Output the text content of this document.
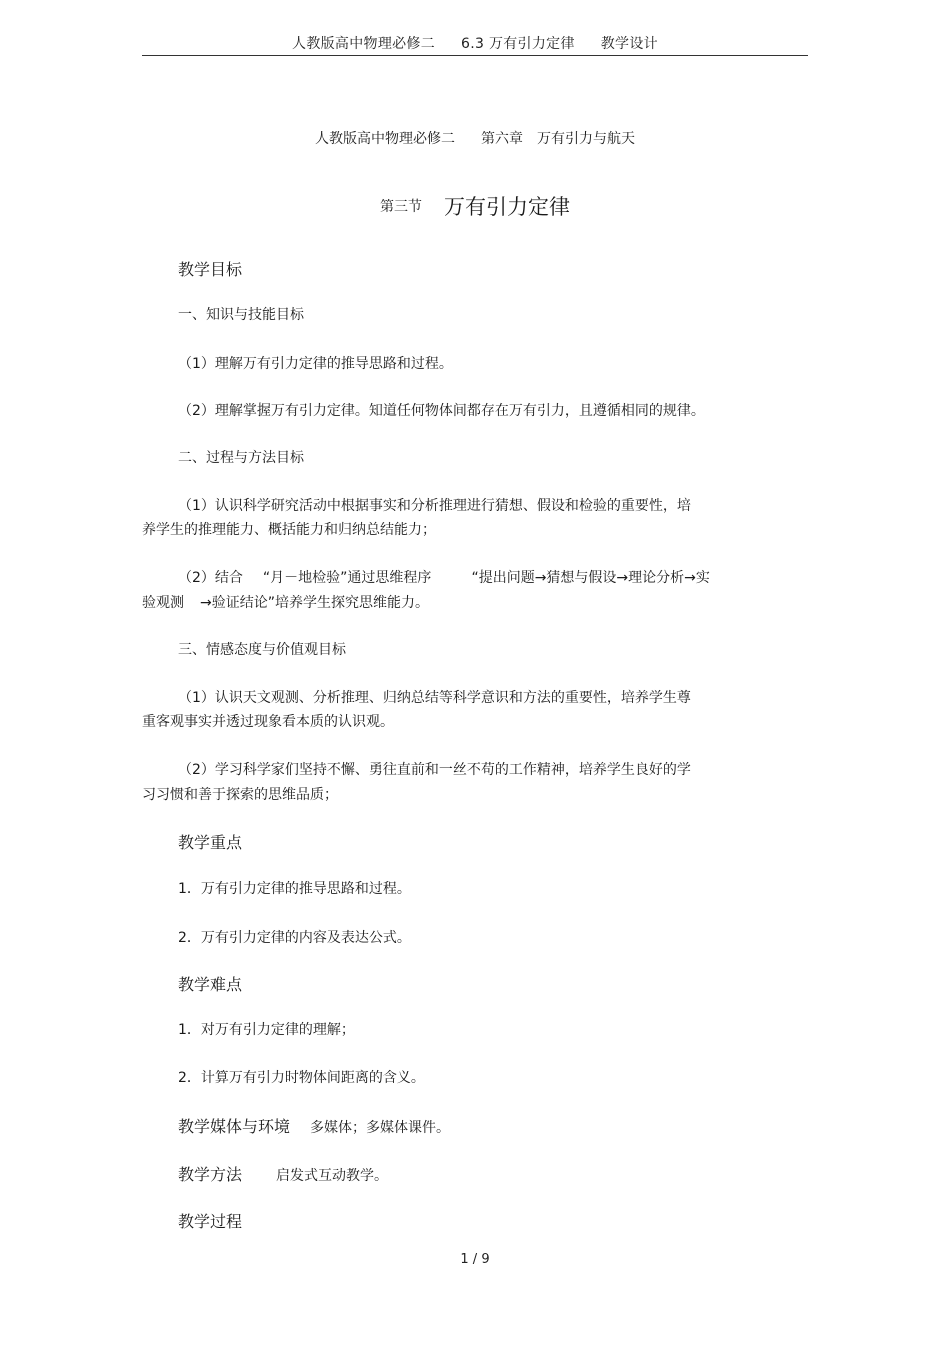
人教版高中物理必修二 6.3 万有引力定律 教学设计
人教版高中物理必修二 第六章　万有引力与航天
第三节 万有引力定律
教学目标
一、知识与技能目标
（1）理解万有引力定律的推导思路和过程。
（2）理解掌握万有引力定律。知道任何物体间都存在万有引力，且遵循相同的规律。
二、过程与方法目标
（1）认识科学研究活动中根据事实和分析推理进行猜想、假设和检验的重要性，培
养学生的推理能力、概括能力和归纳总结能力；
（2）结合 “月－地检验”通过思维程序	“提出问题→猜想与假设→理论分析→实
验观测 →验证结论”培养学生探究思维能力。
三、情感态度与价值观目标
（1）认识天文观测、分析推理、归纳总结等科学意识和方法的重要性，培养学生尊
重客观事实并透过现象看本质的认识观。
（2）学习科学家们坚持不懈、勇往直前和一丝不苟的工作精神，培养学生良好的学
习习惯和善于探索的思维品质；
教学重点
1．万有引力定律的推导思路和过程。
2．万有引力定律的内容及表达公式。
教学难点
1．对万有引力定律的理解；
2．计算万有引力时物体间距离的含义。
教学媒体与环境 多媒体；多媒体课件。
教学方法 启发式互动教学。
教学过程
1 / 9
